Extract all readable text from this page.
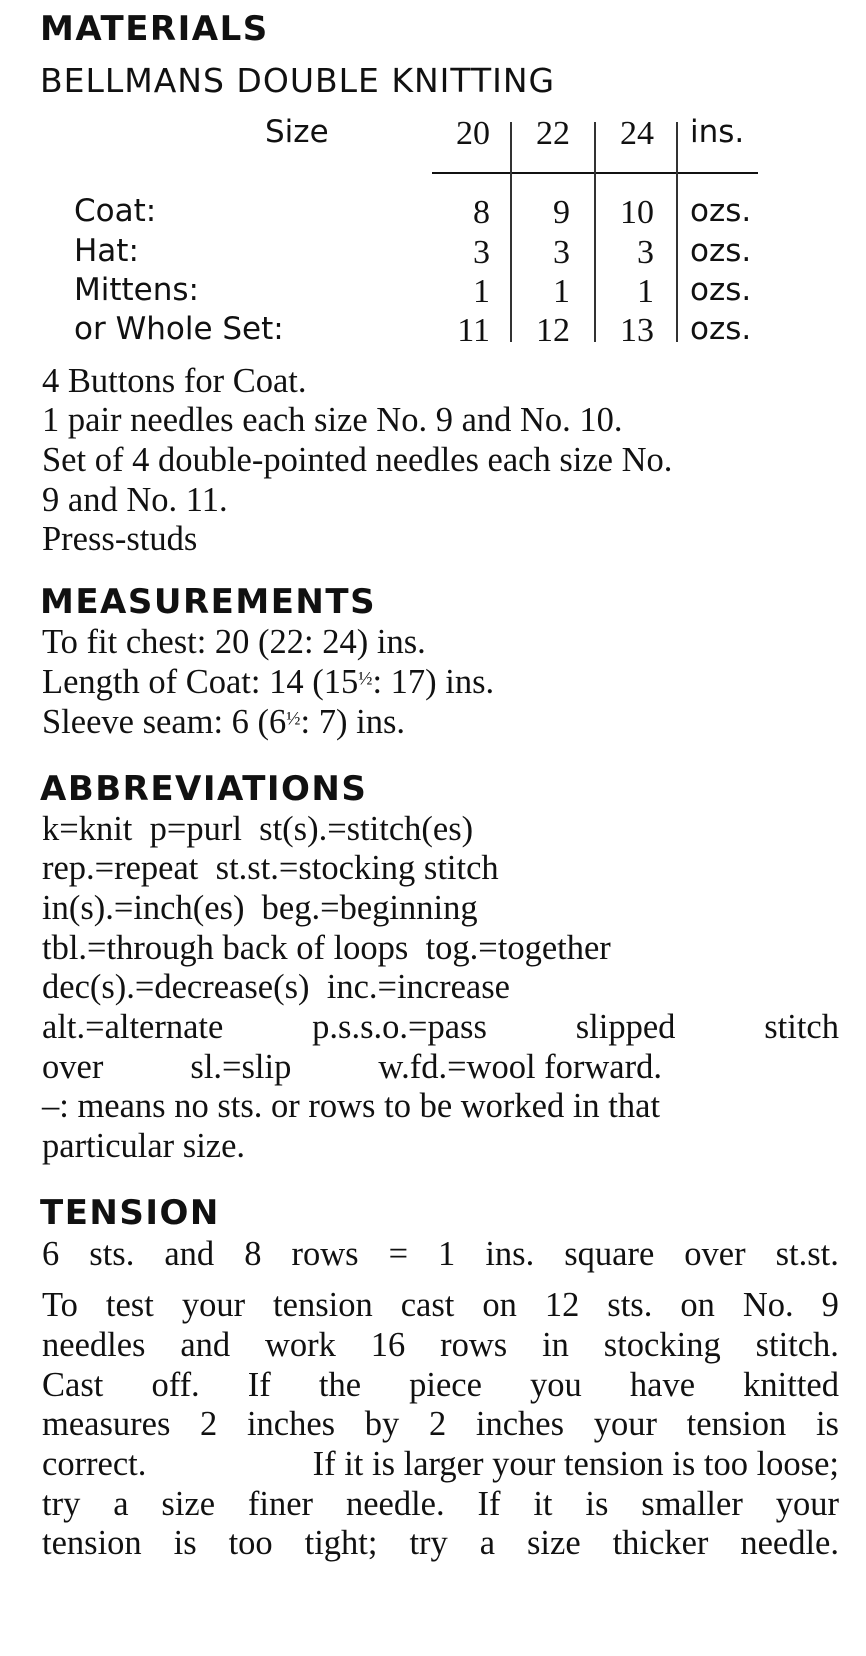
MATERIALS

BELLMANS DOUBLE KNITTING

Size	20	22	24 ins.
Coat:	8	9	10 ozs.
Hat:	3	3	3 ozs.
Mittens:	1	1	1 ozs.
or Whole Set:	11	12	13 ozs.

4 Buttons for Coat.

1 pair needles each size No. 9 and No. 10.

Set of 4 double-pointed needles each size No.

9 and No. 11.

Press-studs

MEASUREMENTS

To fit chest: 20 (22: 24) ins.

Length of Coat: 14 ($15^{\frac{1}{2}}$: 17) ins.

Sleeve seam: 6 ($6^{\frac{1}{2}}$: 7) ins.

ABBREVIATIONS

k=knit  p=purl  st(s).=stitch(es)

rep.=repeat  st.st.=stocking stitch

in(s).=inch(es)  beg.=beginning

tbl.=through back of loops  tog.=together

dec(s).=decrease(s)  inc.=increase

alt.=alternate	p.s.s.o.=pass	slipped	stitch

over	sl.=slip	w.fd.=wool forward.

–: means no sts. or rows to be worked in that

particular size.

TENSION

6 sts. and 8 rows = 1 ins. square over st.st.

To test your tension cast on 12 sts. on No. 9

needles and work 16 rows in stocking stitch.

Cast off. If the piece you have knitted

measures 2 inches by 2 inches your tension is

correct.	If it is larger your tension is too loose;

try a size finer needle. If it is smaller your

tension is too tight; try a size thicker needle.
